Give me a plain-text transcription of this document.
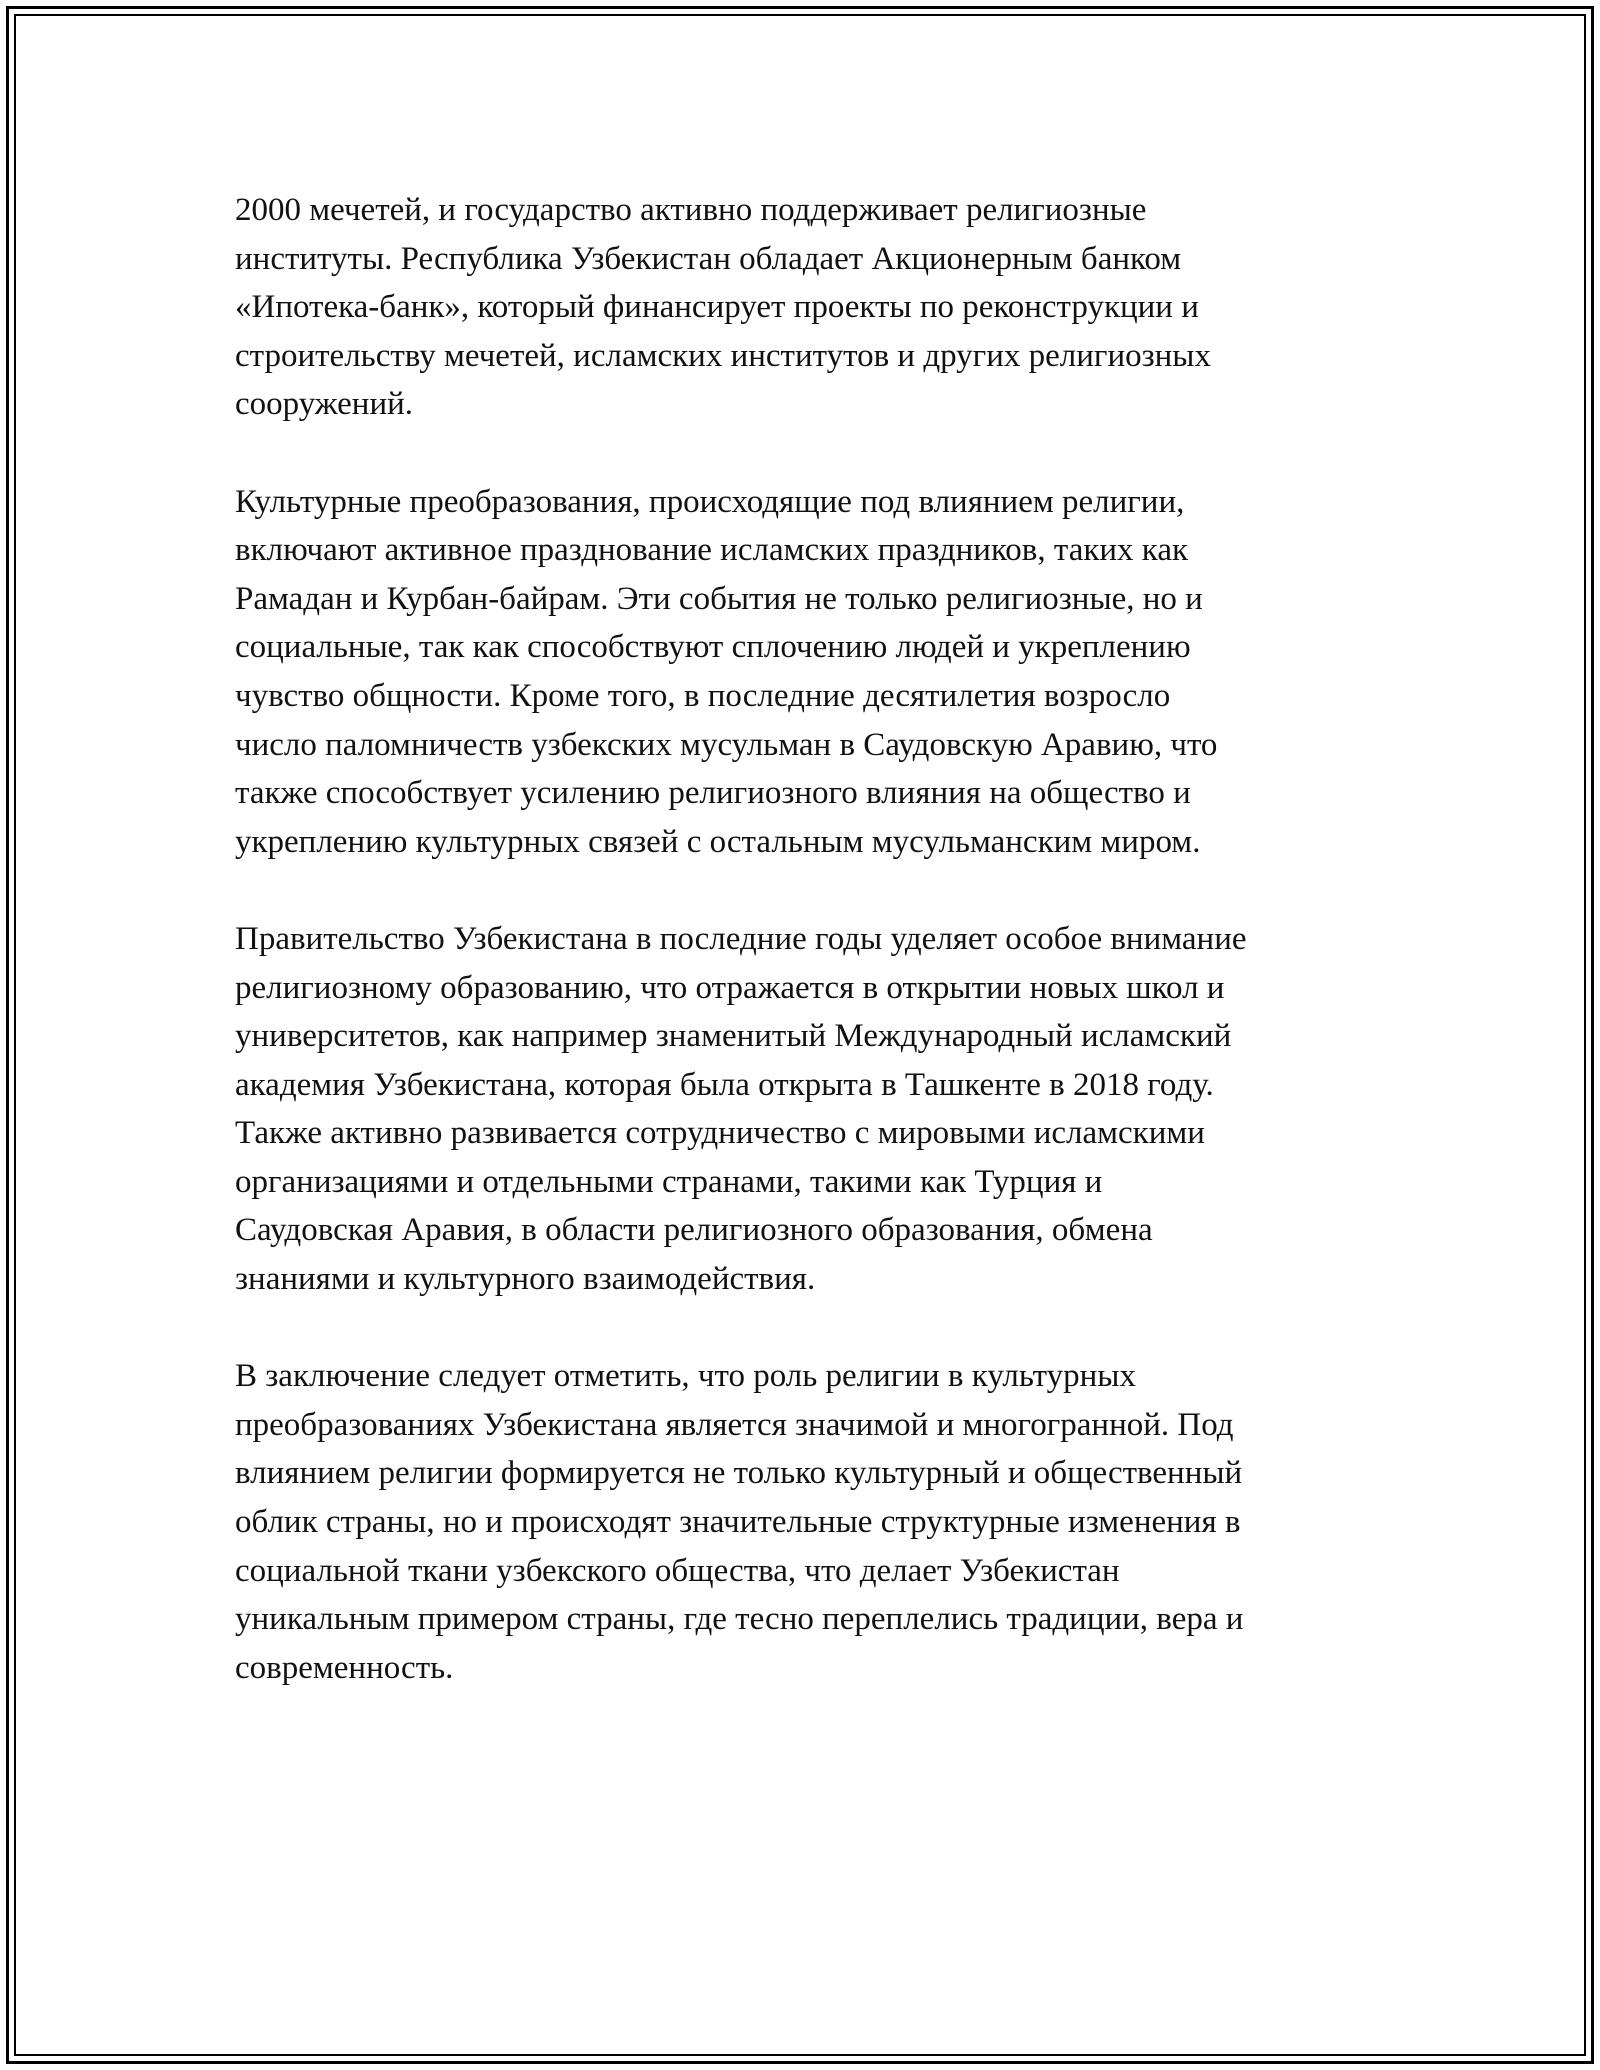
2000 мечетей, и государство активно поддерживает религиозные
институты. Республика Узбекистан обладает Акционерным банком
«Ипотека-банк», который финансирует проекты по реконструкции и
строительству мечетей, исламских институтов и других религиозных
сооружений.

Культурные преобразования, происходящие под влиянием религии,
включают активное празднование исламских праздников, таких как
Рамадан и Курбан-байрам. Эти события не только религиозные, но и
социальные, так как способствуют сплочению людей и укреплению
чувство общности. Кроме того, в последние десятилетия возросло
число паломничеств узбекских мусульман в Саудовскую Аравию, что
также способствует усилению религиозного влияния на общество и
укреплению культурных связей с остальным мусульманским миром.

Правительство Узбекистана в последние годы уделяет особое внимание
религиозному образованию, что отражается в открытии новых школ и
университетов, как например знаменитый Международный исламский
академия Узбекистана, которая была открыта в Ташкенте в 2018 году.
Также активно развивается сотрудничество с мировыми исламскими
организациями и отдельными странами, такими как Турция и
Саудовская Аравия, в области религиозного образования, обмена
знаниями и культурного взаимодействия.

В заключение следует отметить, что роль религии в культурных
преобразованиях Узбекистана является значимой и многогранной. Под
влиянием религии формируется не только культурный и общественный
облик страны, но и происходят значительные структурные изменения в
социальной ткани узбекского общества, что делает Узбекистан
уникальным примером страны, где тесно переплелись традиции, вера и
современность.
